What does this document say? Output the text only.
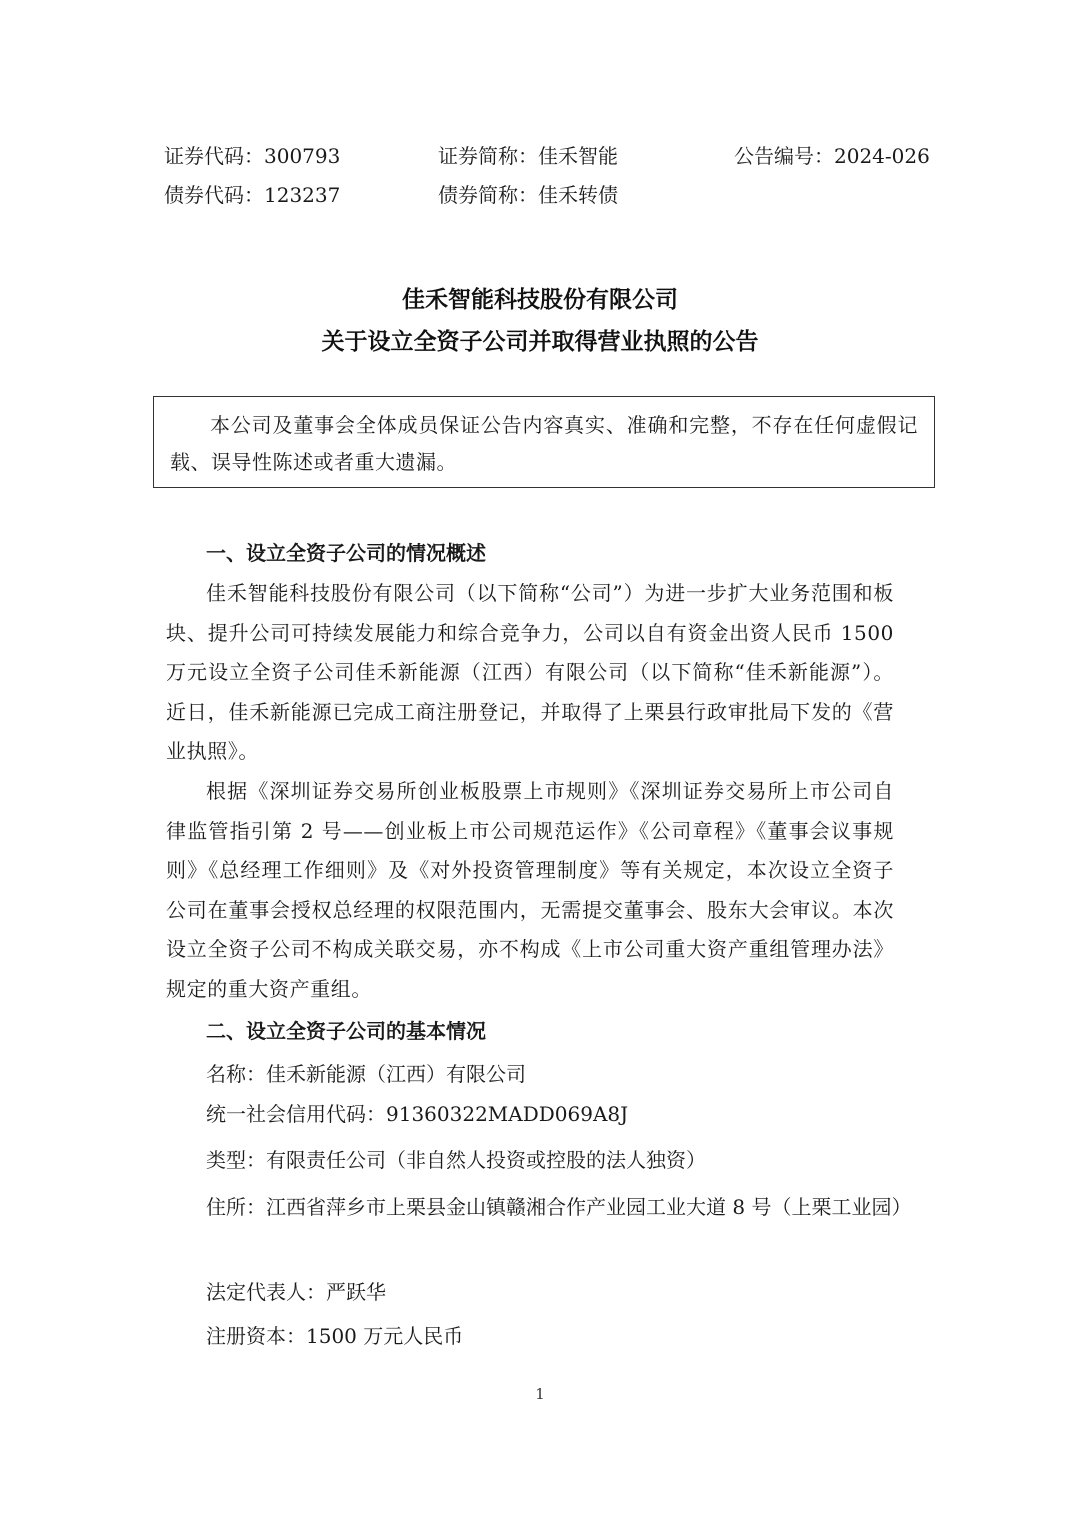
证券代码：300793	证券简称：佳禾智能	公告编号：2024-026
债券代码：123237	债券简称：佳禾转债
佳禾智能科技股份有限公司
关于设立全资子公司并取得营业执照的公告

本公司及董事会全体成员保证公告内容真实、准确和完整，不存在任何虚假记载、误导性陈述或者重大遗漏。

一、设立全资子公司的情况概述

佳禾智能科技股份有限公司（以下简称“公司”）为进一步扩大业务范围和板块、提升公司可持续发展能力和综合竞争力，公司以自有资金出资人民币 1500 万元设立全资子公司佳禾新能源（江西）有限公司（以下简称“佳禾新能源”）。近日，佳禾新能源已完成工商注册登记，并取得了上栗县行政审批局下发的《营业执照》。

根据《深圳证券交易所创业板股票上市规则》《深圳证券交易所上市公司自律监管指引第 2 号——创业板上市公司规范运作》《公司章程》《董事会议事规则》《总经理工作细则》及《对外投资管理制度》等有关规定，本次设立全资子公司在董事会授权总经理的权限范围内，无需提交董事会、股东大会审议。本次设立全资子公司不构成关联交易，亦不构成《上市公司重大资产重组管理办法》规定的重大资产重组。

二、设立全资子公司的基本情况
名称：佳禾新能源（江西）有限公司
统一社会信用代码：91360322MADD069A8J
类型：有限责任公司（非自然人投资或控股的法人独资）
住所：江西省萍乡市上栗县金山镇赣湘合作产业园工业大道 8 号（上栗工业园）
法定代表人：严跃华
注册资本：1500 万元人民币
1
